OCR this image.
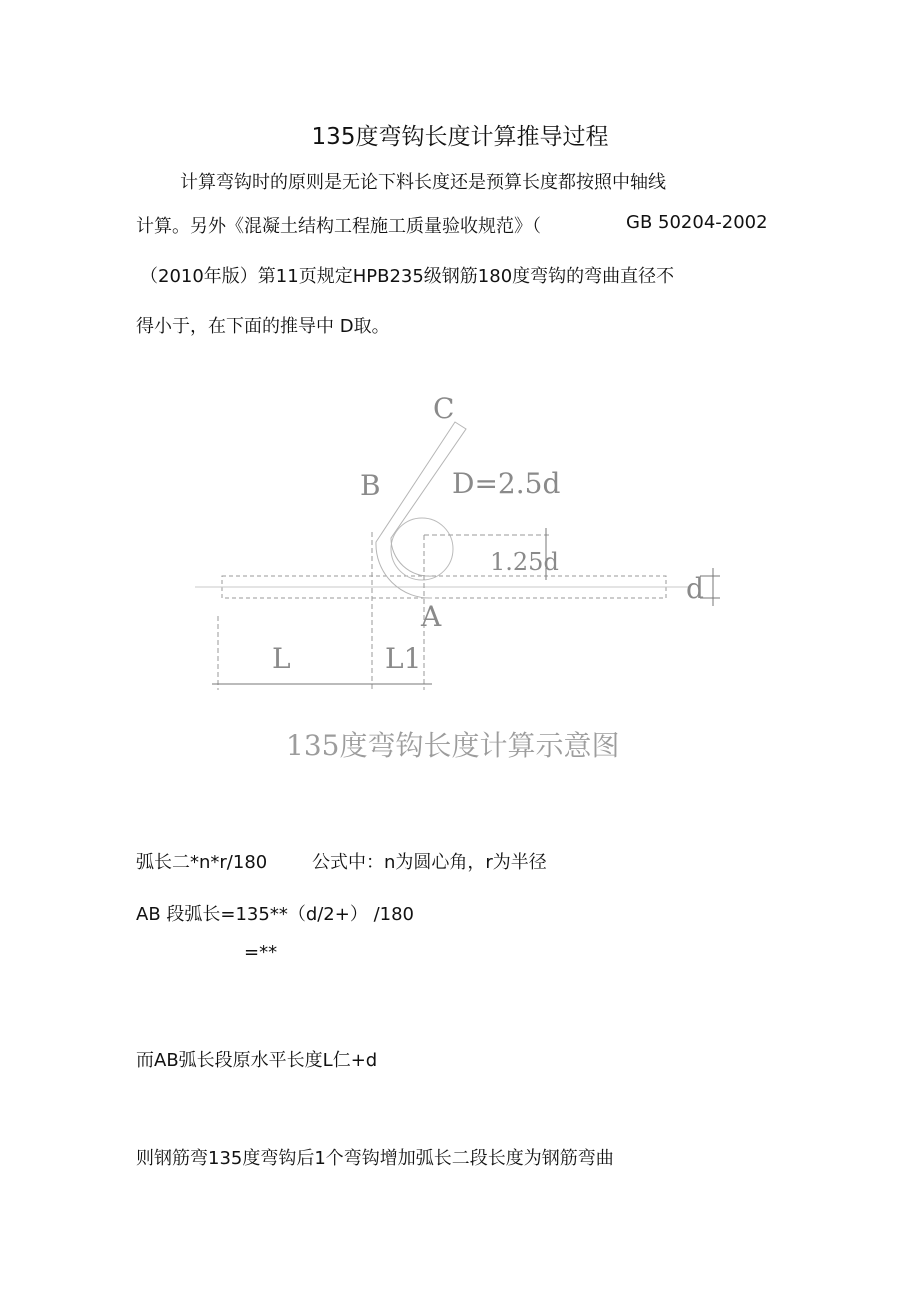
135度弯钩长度计算推导过程
计算弯钩时的原则是无论下料长度还是预算长度都按照中轴线
计算。另外《混凝土结构工程施工质量验收规范》（	GB 50204-2002
（2010年版）第11页规定HPB235级钢筋180度弯钩的弯曲直径不
得小于，在下面的推导中 D取。
C
B	D=2.5d
1.25d
d
A
L	L1
135度弯钩长度计算示意图
弧长二*n*r/180 公式中：n为圆心角，r为半径
AB 段弧长=135**（d/2+） /180
=**
而AB弧长段原水平长度L仁+d
则钢筋弯135度弯钩后1个弯钩增加弧长二段长度为钢筋弯曲
